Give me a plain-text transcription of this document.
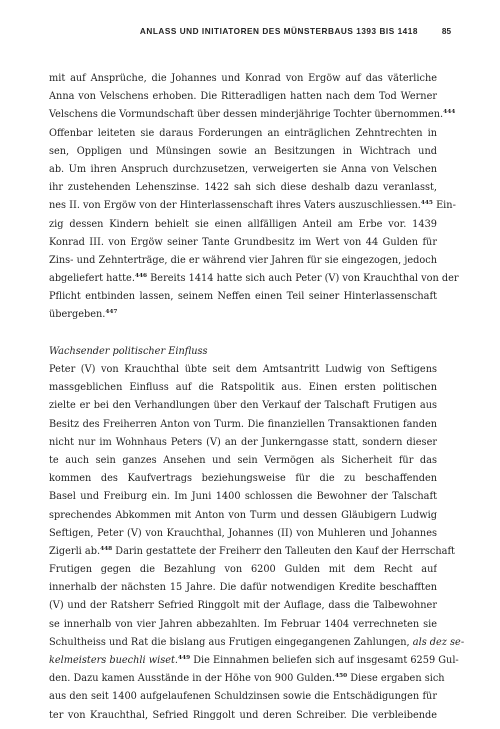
ANLASS UND INITIATOREN DES MÜNSTERBAUS 1393 BIS 1418	85
mit auf Ansprüche, die Johannes und Konrad von Ergöw auf das väterliche
Anna von Velschens erhoben. Die Ritteradligen hatten nach dem Tod Werner
Velschens die Vormundschaft über dessen minderjährige Tochter übernommen.$^{444}$
Offenbar leiteten sie daraus Forderungen an einträglichen Zehntrechten in
sen, Oppligen und Münsingen sowie an Besitzungen in Wichtrach und
ab. Um ihren Anspruch durchzusetzen, verweigerten sie Anna von Velschen
ihr zustehenden Lehenszinse. 1422 sah sich diese deshalb dazu veranlasst,
nes II. von Ergöw von der Hinterlassenschaft ihres Vaters auszuschliessen.$^{445}$ Ein-
zig dessen Kindern behielt sie einen allfälligen Anteil am Erbe vor. 1439
Konrad III. von Ergöw seiner Tante Grundbesitz im Wert von 44 Gulden für
Zins- und Zehnterträge, die er während vier Jahren für sie eingezogen, jedoch
abgeliefert hatte.$^{446}$ Bereits 1414 hatte sich auch Peter (V) von Krauchthal von der
Pflicht entbinden lassen, seinem Neffen einen Teil seiner Hinterlassenschaft
übergeben.$^{447}$
Wachsender politischer Einfluss
Peter (V) von Krauchthal übte seit dem Amtsantritt Ludwig von Seftigens
massgeblichen Einfluss auf die Ratspolitik aus. Einen ersten politischen
zielte er bei den Verhandlungen über den Verkauf der Talschaft Frutigen aus
Besitz des Freiherren Anton von Turm. Die finanziellen Transaktionen fanden
nicht nur im Wohnhaus Peters (V) an der Junkerngasse statt, sondern dieser
te auch sein ganzes Ansehen und sein Vermögen als Sicherheit für das
kommen des Kaufvertrags beziehungsweise für die zu beschaffenden
Basel und Freiburg ein. Im Juni 1400 schlossen die Bewohner der Talschaft
sprechendes Abkommen mit Anton von Turm und dessen Gläubigern Ludwig
Seftigen, Peter (V) von Krauchthal, Johannes (II) von Muhleren und Johannes
Zigerli ab.$^{448}$ Darin gestattete der Freiherr den Talleuten den Kauf der Herrschaft
Frutigen gegen die Bezahlung von 6200 Gulden mit dem Recht auf
innerhalb der nächsten 15 Jahre. Die dafür notwendigen Kredite beschafften
(V) und der Ratsherr Sefried Ringgolt mit der Auflage, dass die Talbewohner
se innerhalb von vier Jahren abbezahlten. Im Februar 1404 verrechneten sie
Schultheiss und Rat die bislang aus Frutigen eingegangenen Zahlungen, als dez se-
kelmeisters buechli wiset.$^{449}$ Die Einnahmen beliefen sich auf insgesamt 6259 Gul-
den. Dazu kamen Ausstände in der Höhe von 900 Gulden.$^{450}$ Diese ergaben sich
aus den seit 1400 aufgelaufenen Schuldzinsen sowie die Entschädigungen für
ter von Krauchthal, Sefried Ringgolt und deren Schreiber. Die verbleibende
